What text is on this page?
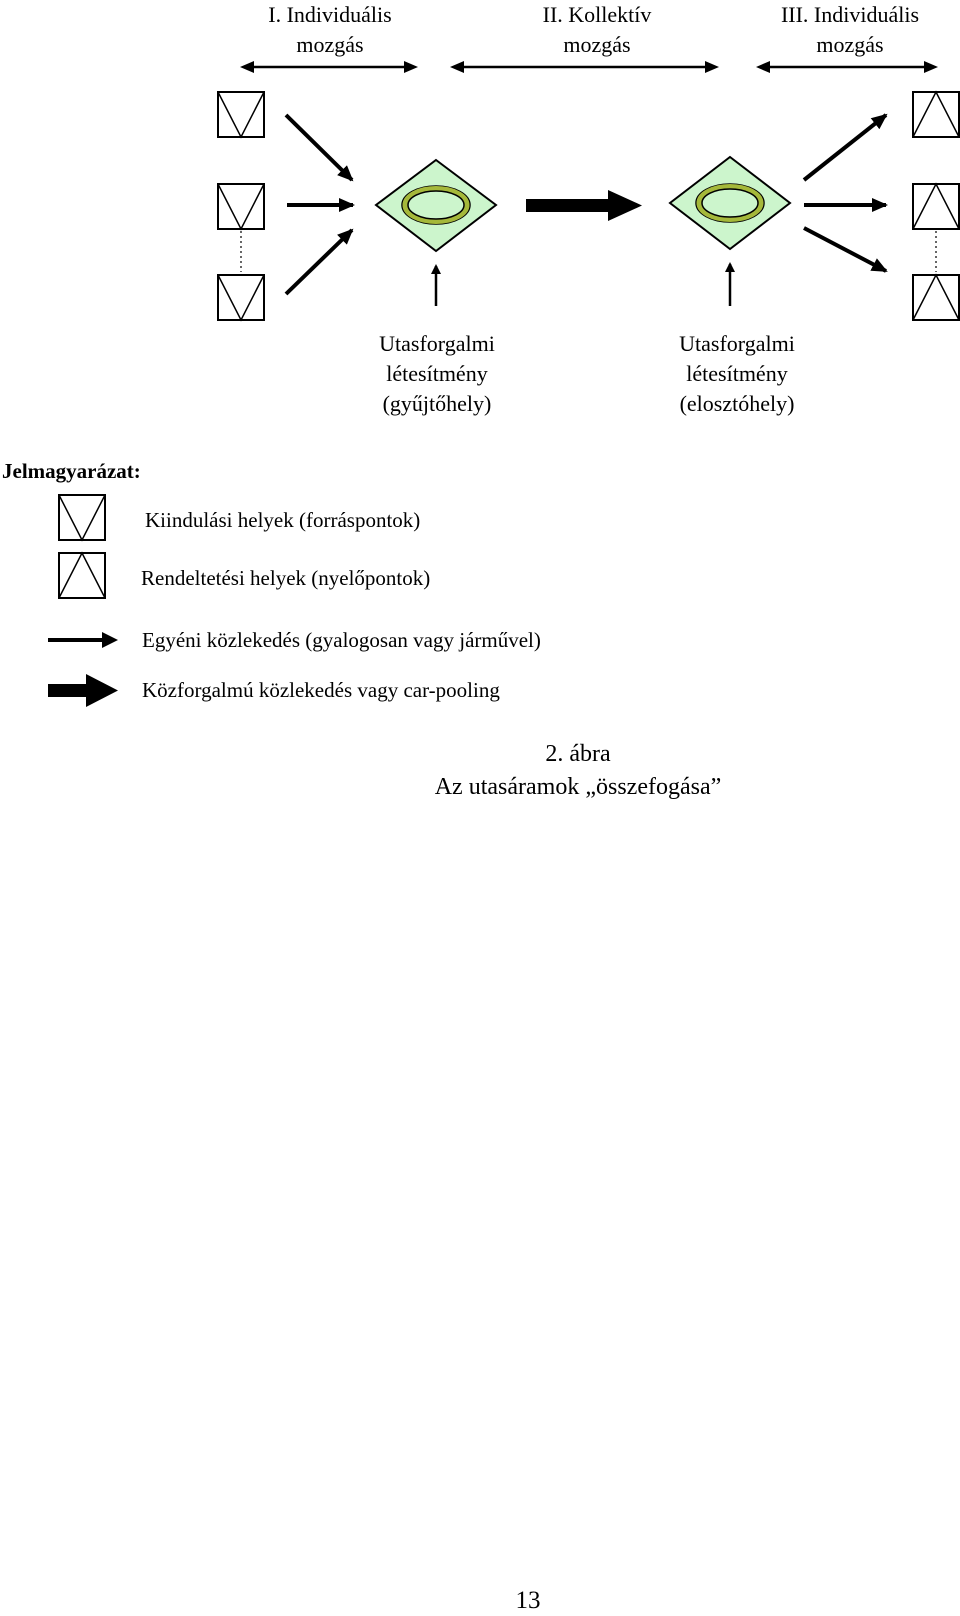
I. Individuális
mozgás
II. Kollektív
mozgás
III. Individuális
mozgás
Utasforgalmi
létesítmény
(gyűjtőhely)
Utasforgalmi
létesítmény
(elosztóhely)
Jelmagyarázat:
Kiindulási helyek (forráspontok)
Rendeltetési helyek (nyelőpontok)
Egyéni közlekedés (gyalogosan vagy járművel)
Közforgalmú közlekedés vagy car-pooling
2. ábra
Az utasáramok „összefogása”
13
